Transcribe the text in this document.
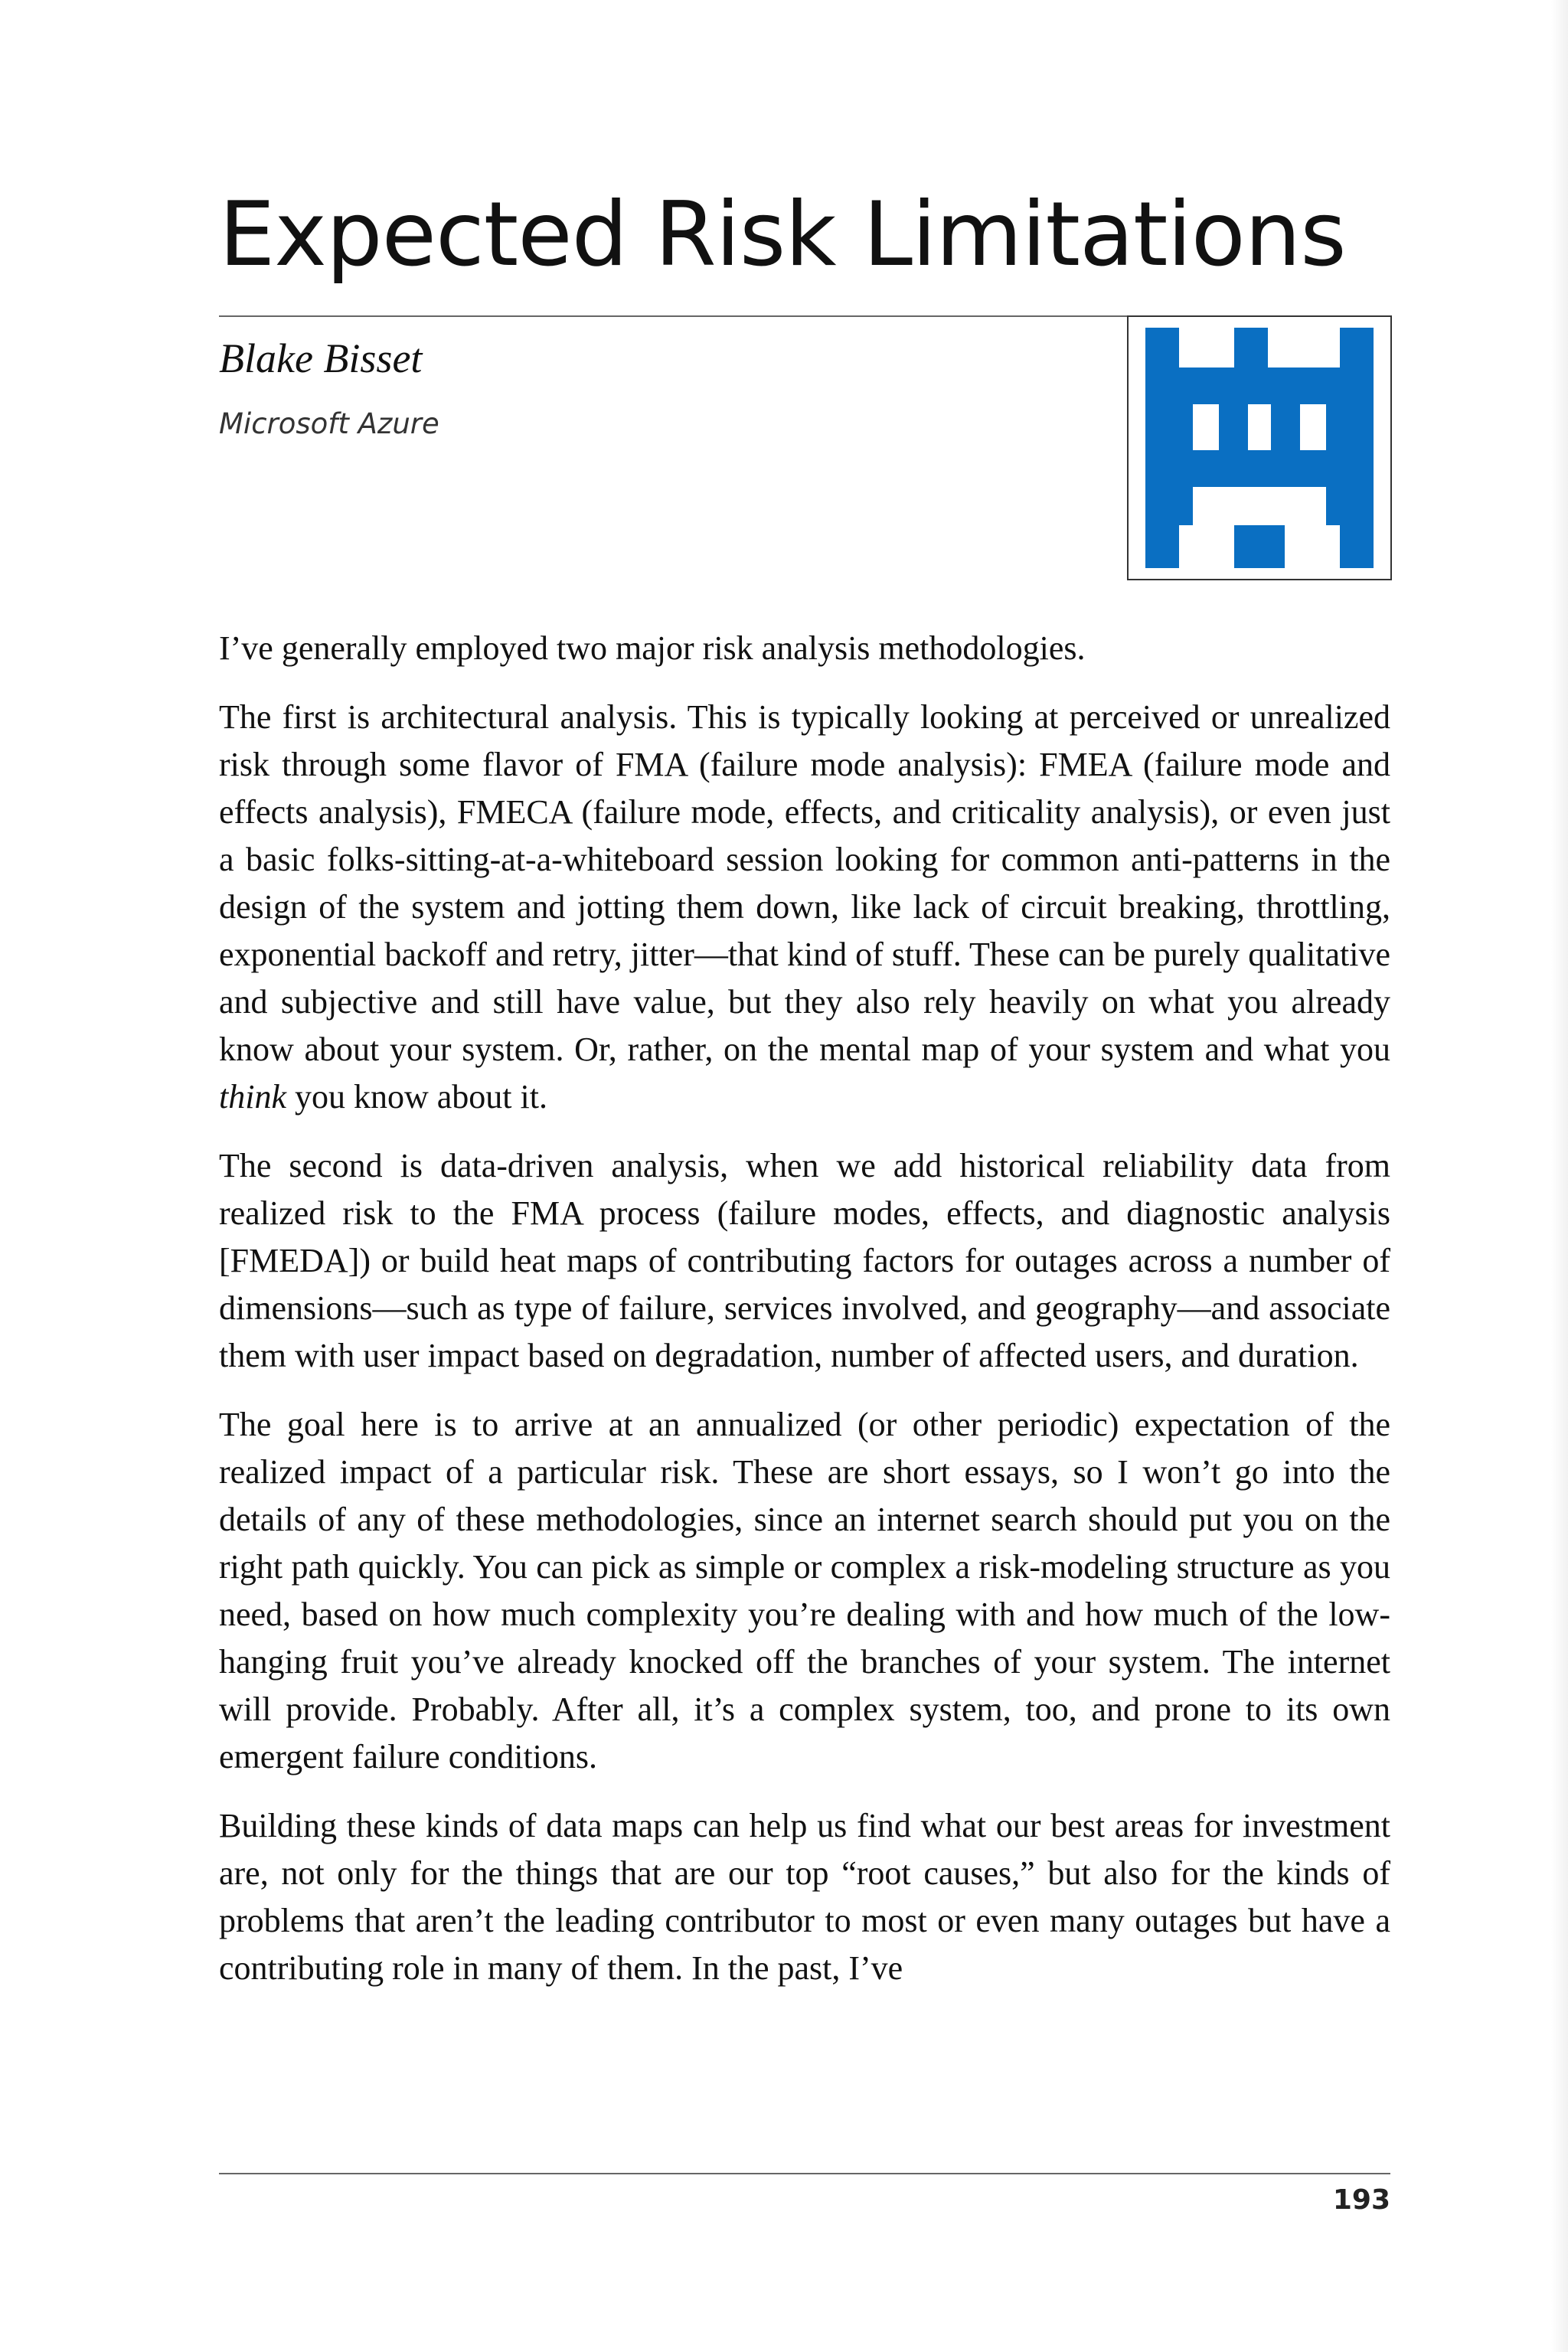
Expected Risk Limitations
Blake Bisset
Microsoft Azure

I’ve generally employed two major risk analysis methodologies.

The first is architectural analysis. This is typically looking at perceived or unrealized risk through some flavor of FMA (failure mode analysis): FMEA (failure mode and effects analysis), FMECA (failure mode, effects, and criticality analysis), or even just a basic folks-sitting-at-a-whiteboard session looking for common anti-patterns in the design of the system and jotting them down, like lack of circuit breaking, throttling, exponential backoff and retry, jitter—that kind of stuff. These can be purely qualitative and subjective and still have value, but they also rely heavily on what you already know about your system. Or, rather, on the mental map of your system and what you think you know about it.

The second is data-driven analysis, when we add historical reliability data from realized risk to the FMA process (failure modes, effects, and diagnostic analysis [FMEDA]) or build heat maps of contributing factors for outages across a number of dimensions—such as type of failure, services involved, and geography—and associate them with user impact based on degradation, number of affected users, and duration.

The goal here is to arrive at an annualized (or other periodic) expectation of the realized impact of a particular risk. These are short essays, so I won’t go into the details of any of these methodologies, since an internet search should put you on the right path quickly. You can pick as simple or complex a risk-modeling structure as you need, based on how much complexity you’re dealing with and how much of the low-hanging fruit you’ve already knocked off the branches of your system. The internet will provide. Probably. After all, it’s a complex system, too, and prone to its own emergent failure conditions.

Building these kinds of data maps can help us find what our best areas for investment are, not only for the things that are our top “root causes,” but also for the kinds of problems that aren’t the leading contributor to most or even many outages but have a contributing role in many of them. In the past, I’ve

193
